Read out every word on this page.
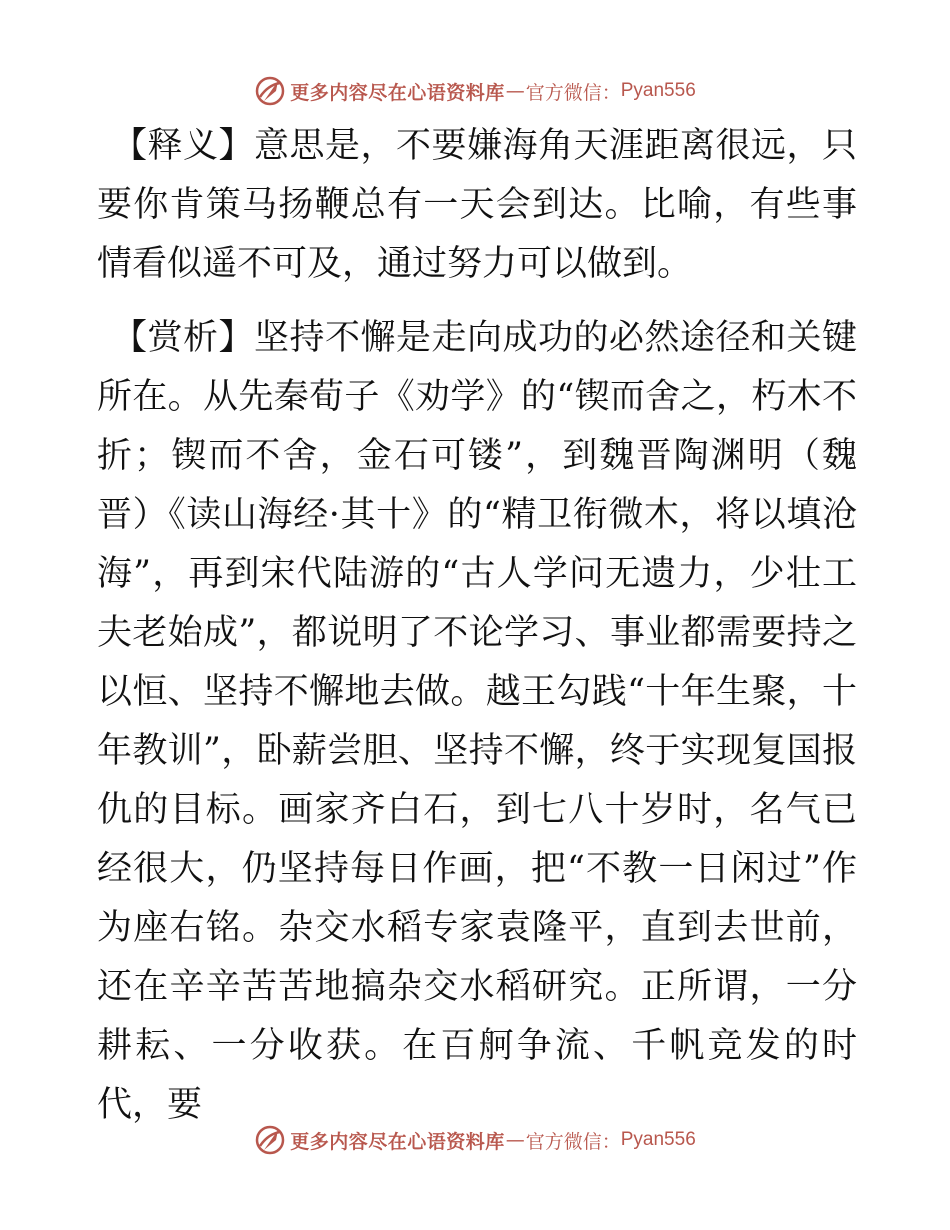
更多内容尽在心语资料库 — 官方微信： Pyan556

【释义】意思是，不要嫌海角天涯距离很远，只要你肯策马扬鞭总有一天会到达。比喻，有些事情看似遥不可及，通过努力可以做到。

【赏析】坚持不懈是走向成功的必然途径和关键所在。从先秦荀子《劝学》的“锲而舍之，朽木不折；锲而不舍，金石可镂”，到魏晋陶渊明（魏晋）《读山海经·其十》的“精卫衔微木，将以填沧海”，再到宋代陆游的“古人学问无遗力，少壮工夫老始成”，都说明了不论学习、事业都需要持之以恒、坚持不懈地去做。越王勾践“十年生聚，十年教训”，卧薪尝胆、坚持不懈，终于实现复国报仇的目标。画家齐白石，到七八十岁时，名气已经很大，仍坚持每日作画，把“不教一日闲过”作为座右铭。杂交水稻专家袁隆平，直到去世前，还在辛辛苦苦地搞杂交水稻研究。正所谓，一分耕耘、一分收获。在百舸争流、千帆竞发的时代，要

更多内容尽在心语资料库 — 官方微信： Pyan556
